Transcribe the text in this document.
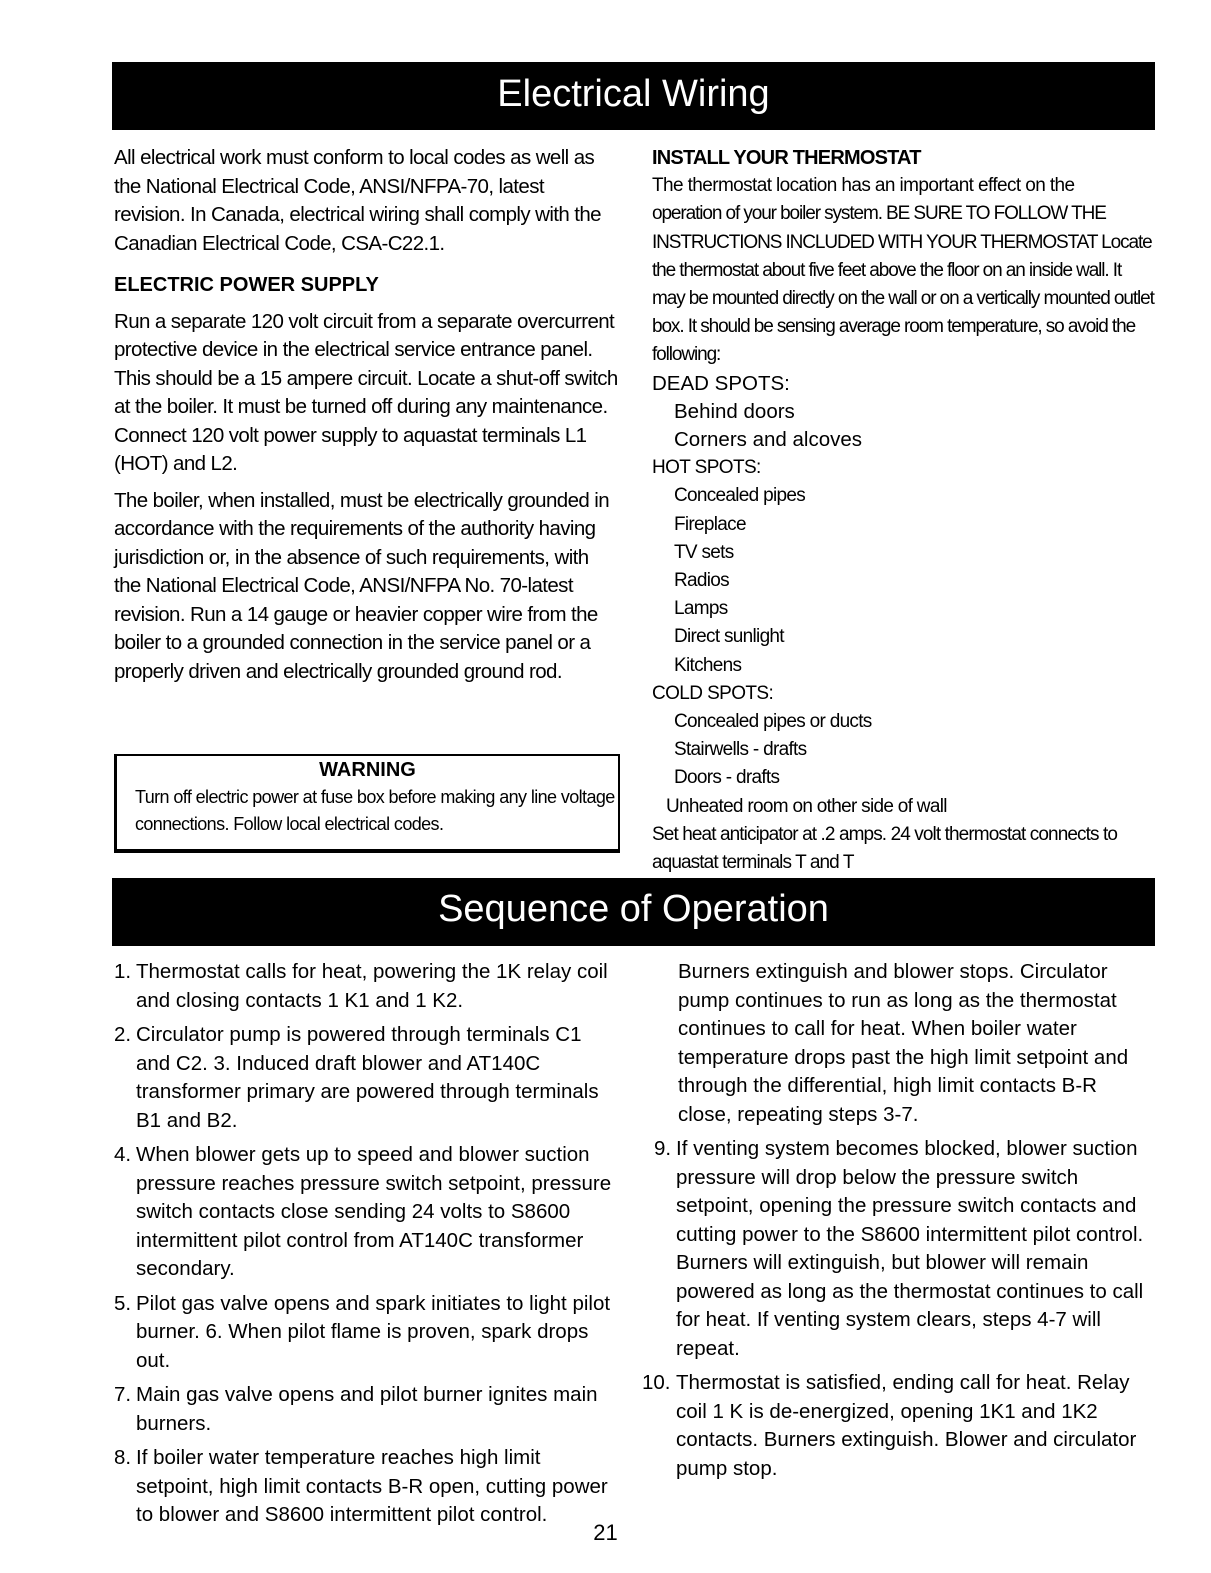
Electrical Wiring

All electrical work must conform to local codes as well as the National Electrical Code, ANSI/NFPA-70, latest revision. In Canada, electrical wiring shall comply with the Canadian Electrical Code, CSA-C22.1.

ELECTRIC POWER SUPPLY

Run a separate 120 volt circuit from a separate overcurrent protective device in the electrical service entrance panel. This should be a 15 ampere circuit. Locate a shut-off switch at the boiler. It must be turned off during any maintenance. Connect 120 volt power supply to aquastat terminals L1 (HOT) and L2.

The boiler, when installed, must be electrically grounded in accordance with the requirements of the authority having jurisdiction or, in the absence of such requirements, with the National Electrical Code, ANSI/NFPA No. 70-latest revision. Run a 14 gauge or heavier copper wire from the boiler to a grounded connection in the service panel or a properly driven and electrically grounded ground rod.

WARNING
Turn off electric power at fuse box before making any line voltage connections. Follow local electrical codes.

INSTALL YOUR THERMOSTAT

The thermostat location has an important effect on the

operation of your boiler system. BE SURE TO FOLLOW THE INSTRUCTIONS INCLUDED WITH YOUR THERMOSTAT Locate the thermostat about five feet above the floor on an inside wall. It may be mounted directly on the wall or on a vertically mounted outlet box. It should be sensing average room temperature, so avoid the following:

DEAD SPOTS:

Behind doors
Corners and alcoves

HOT SPOTS:

Concealed pipes
Fireplace
TV sets
Radios
Lamps
Direct sunlight
Kitchens

COLD SPOTS:

Concealed pipes or ducts
Stairwells - drafts
Doors - drafts

Unheated room on other side of wall

Set heat anticipator at .2 amps. 24 volt thermostat connects to aquastat terminals T and T

Sequence of Operation
1. Thermostat calls for heat, powering the 1K relay coil and closing contacts 1 K1 and 1 K2.
2. Circulator pump is powered through terminals C1 and C2. 3. Induced draft blower and AT140C transformer primary are powered through terminals B1 and B2.
4. When blower gets up to speed and blower suction pressure reaches pressure switch setpoint, pressure switch contacts close sending 24 volts to S8600 intermittent pilot control from AT140C transformer secondary.
5. Pilot gas valve opens and spark initiates to light pilot burner. 6. When pilot flame is proven, spark drops out.
7. Main gas valve opens and pilot burner ignites main burners.
8. If boiler water temperature reaches high limit setpoint, high limit contacts B-R open, cutting power to blower and S8600 intermittent pilot control.

Burners extinguish and blower stops. Circulator pump continues to run as long as the thermostat continues to call for heat. When boiler water temperature drops past the high limit setpoint and through the differential, high limit contacts B-R close, repeating steps 3-7.

9. If venting system becomes blocked, blower suction pressure will drop below the pressure switch setpoint, opening the pressure switch contacts and cutting power to the S8600 intermittent pilot control. Burners will extinguish, but blower will remain powered as long as the thermostat continues to call for heat. If venting system clears, steps 4-7 will repeat.
10. Thermostat is satisfied, ending call for heat. Relay coil 1 K is de-energized, opening 1K1 and 1K2 contacts. Burners extinguish. Blower and circulator pump stop.
21
